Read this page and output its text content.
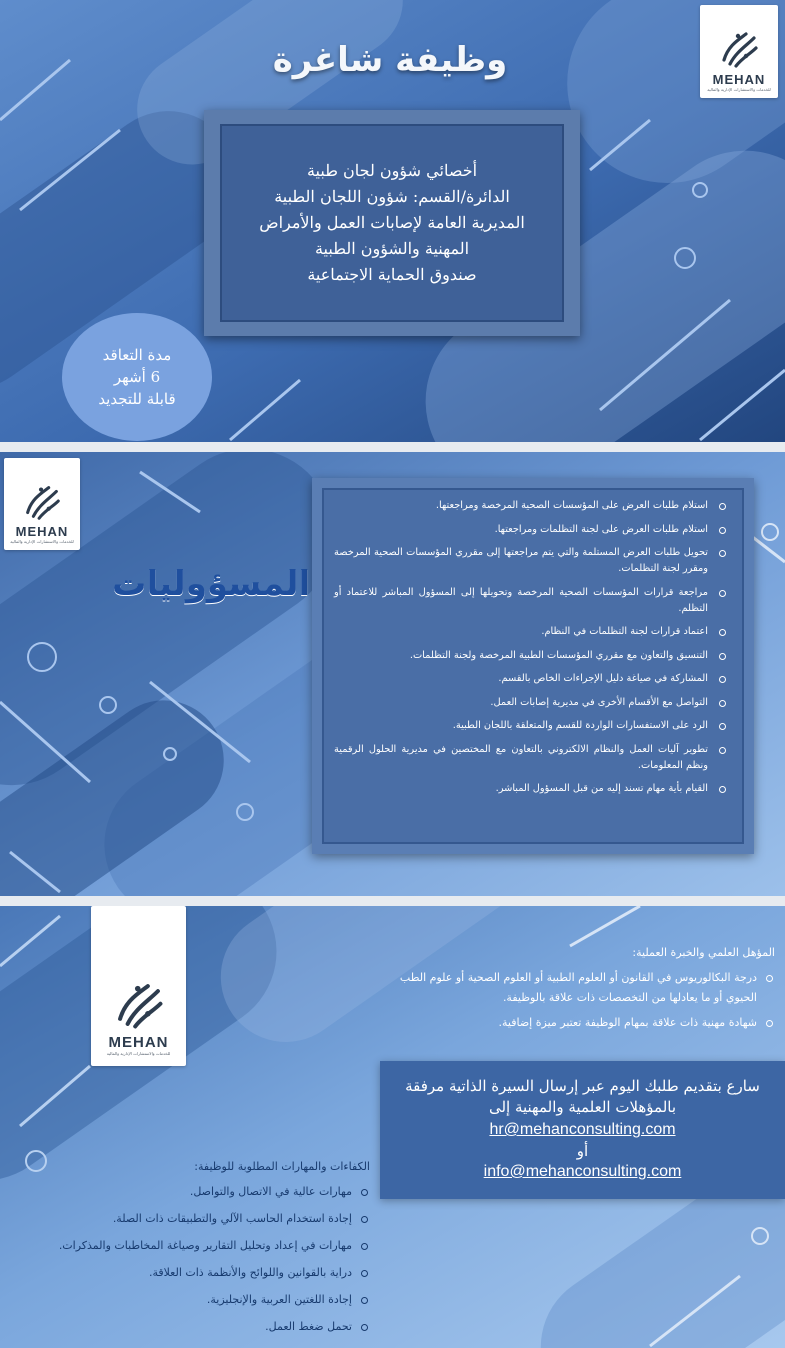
وظيفة شاغرة	MEHAN
للخدمات والاستشارات الإدارية والمالية
أخصائي شؤون لجان طبية
الدائرة/القسم: شؤون اللجان الطبية
المديرية العامة لإصابات العمل والأمراض
المهنية والشؤون الطبية
صندوق الحماية الاجتماعية
مدة التعاقد
6 أشهر
قابلة للتجديد
MEHAN
للخدمات والاستشارات الإدارية والمالية
المسؤوليات
استلام طلبات العرض على المؤسسات الصحية المرخصة ومراجعتها.
استلام طلبات العرض على لجنة التظلمات ومراجعتها.
تحويل طلبات العرض المستلمة والتي يتم مراجعتها إلى مقرري المؤسسات الصحية المرخصة ومقرر لجنة التظلمات.
مراجعة قرارات المؤسسات الصحية المرخصة وتحويلها إلى المسؤول المباشر للاعتماد أو التظلم.
اعتماد قرارات لجنة التظلمات في النظام.
التنسيق والتعاون مع مقرري المؤسسات الطبية المرخصة ولجنة التظلمات.
المشاركة في صياغة دليل الإجراءات الخاص بالقسم.
التواصل مع الأقسام الأخرى في مديرية إصابات العمل.
الرد على الاستفسارات الواردة للقسم والمتعلقة باللجان الطبية.
تطوير آليات العمل والنظام الالكتروني بالتعاون مع المختصين في مديرية الحلول الرقمية ونظم المعلومات.
القيام بأية مهام تسند إليه من قبل المسؤول المباشر.
MEHAN
للخدمات والاستشارات الإدارية والمالية
المؤهل العلمي والخبرة العملية:
درجة البكالوريوس في القانون أو العلوم الطبية أو العلوم الصحية أو علوم الطب الحيوي أو ما يعادلها من التخصصات ذات علاقة بالوظيفة.
شهادة مهنية ذات علاقة بمهام الوظيفة تعتبر ميزة إضافية.
سارع بتقديم طلبك اليوم عبر إرسال السيرة الذاتية مرفقة
بالمؤهلات العلمية والمهنية إلى
hr@mehanconsulting.com
أو
info@mehanconsulting.com
الكفاءات والمهارات المطلوبة للوظيفة:
مهارات عالية في الاتصال والتواصل.
إجادة استخدام الحاسب الآلي والتطبيقات ذات الصلة.
مهارات في إعداد وتحليل التقارير وصياغة المخاطبات والمذكرات.
دراية بالقوانين واللوائح والأنظمة ذات العلاقة.
إجادة اللغتين العربية والإنجليزية.
تحمل ضغط العمل.
